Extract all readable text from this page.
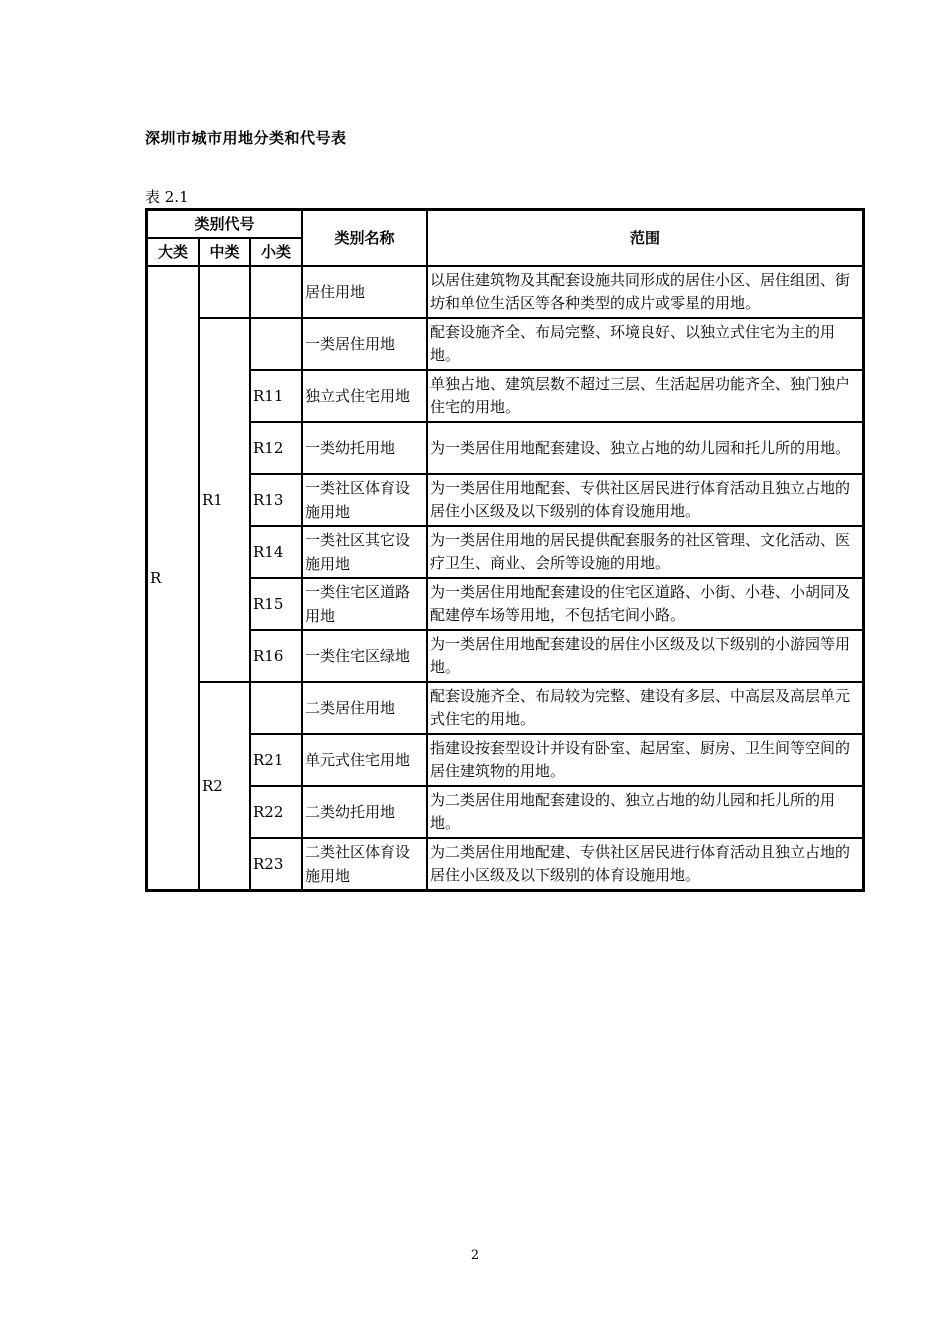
深圳市城市用地分类和代号表
表 2.1
类别代号			类别名称	范围
大类	中类	小类		
R			居住用地	以居住建筑物及其配套设施共同形成的居住小区、居住组团、街坊和单位生活区等各种类型的成片或零星的用地。
	R1		一类居住用地	配套设施齐全、布局完整、环境良好、以独立式住宅为主的用地。
		R11	独立式住宅用地	单独占地、建筑层数不超过三层、生活起居功能齐全、独门独户住宅的用地。
		R12	一类幼托用地	为一类居住用地配套建设、独立占地的幼儿园和托儿所的用地。
		R13	一类社区体育设施用地	为一类居住用地配套、专供社区居民进行体育活动且独立占地的居住小区级及以下级别的体育设施用地。
		R14	一类社区其它设施用地	为一类居住用地的居民提供配套服务的社区管理、文化活动、医疗卫生、商业、会所等设施的用地。
		R15	一类住宅区道路用地	为一类居住用地配套建设的住宅区道路、小街、小巷、小胡同及配建停车场等用地，不包括宅间小路。
		R16	一类住宅区绿地	为一类居住用地配套建设的居住小区级及以下级别的小游园等用地。
	R2		二类居住用地	配套设施齐全、布局较为完整、建设有多层、中高层及高层单元式住宅的用地。
		R21	单元式住宅用地	指建设按套型设计并设有卧室、起居室、厨房、卫生间等空间的居住建筑物的用地。
		R22	二类幼托用地	为二类居住用地配套建设的、独立占地的幼儿园和托儿所的用地。
		R23	二类社区体育设施用地	为二类居住用地配建、专供社区居民进行体育活动且独立占地的居住小区级及以下级别的体育设施用地。
2
